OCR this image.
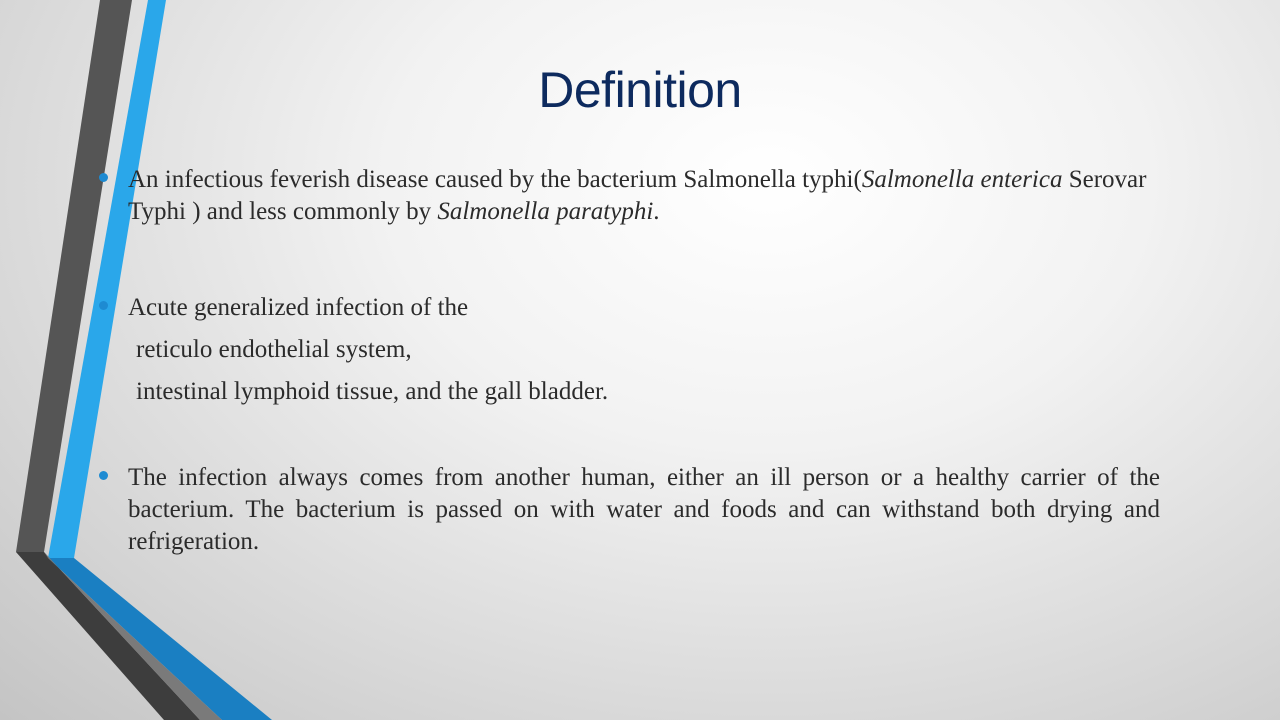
Definition

An infectious feverish disease caused by the bacterium Salmonella typhi(Salmonella enterica Serovar Typhi ) and less commonly by Salmonella paratyphi.

Acute generalized infection of the

reticulo endothelial system,

intestinal lymphoid tissue, and the gall bladder.

The infection always comes from another human, either an ill person or a healthy carrier of the bacterium. The bacterium is passed on with water and foods and can withstand both drying and refrigeration.
